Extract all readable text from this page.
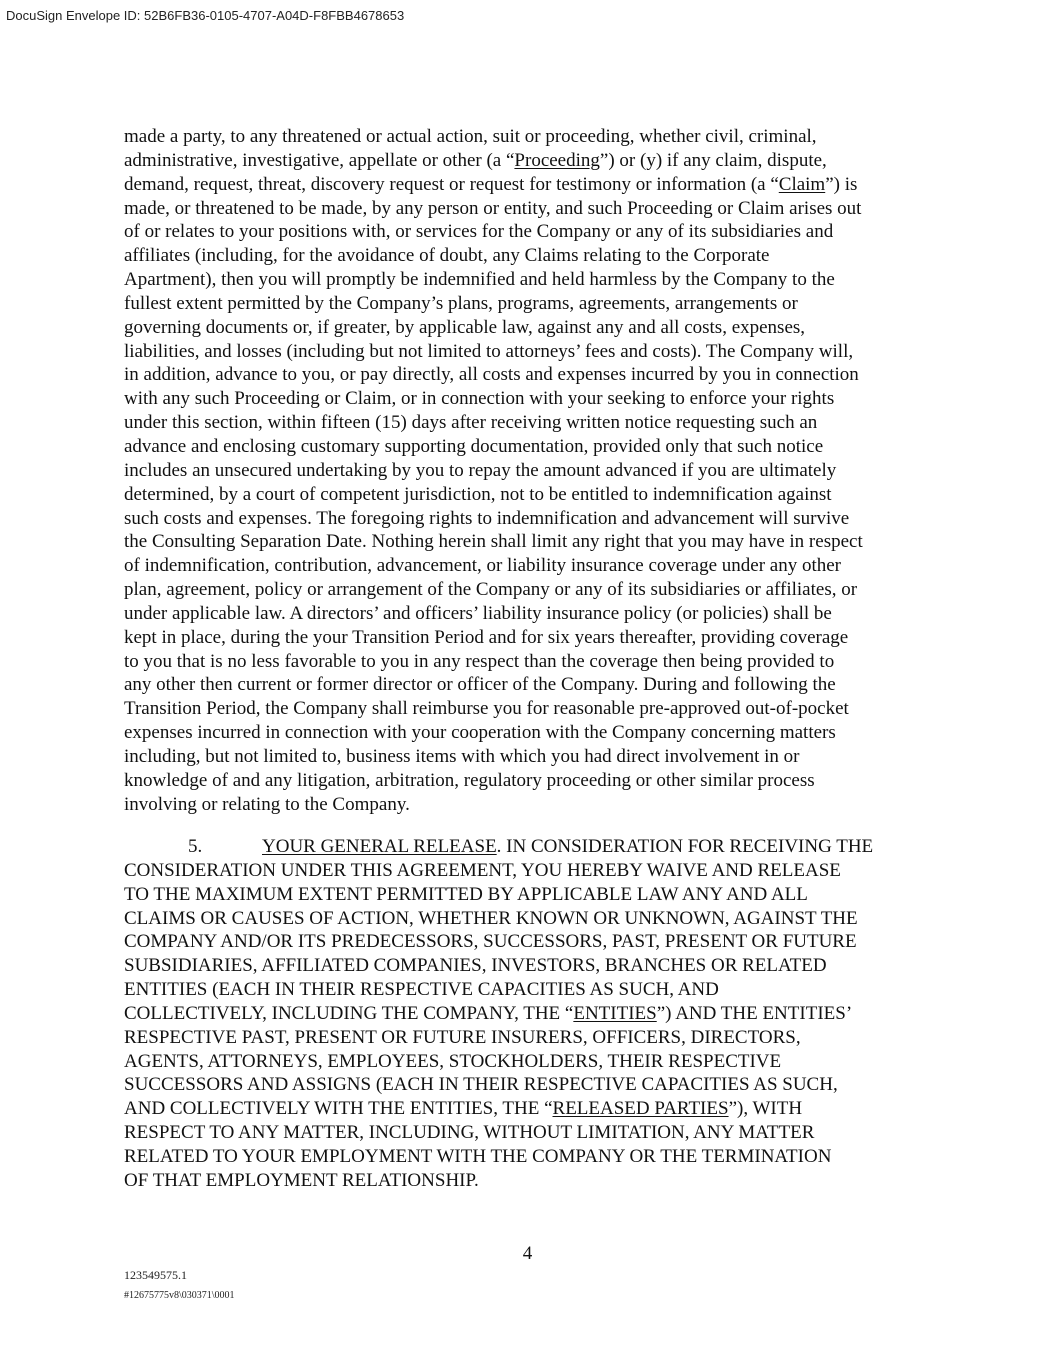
DocuSign Envelope ID: 52B6FB36-0105-4707-A04D-F8FBB4678653

made a party, to any threatened or actual action, suit or proceeding, whether civil, criminal,
administrative, investigative, appellate or other (a “Proceeding”) or (y) if any claim, dispute,
demand, request, threat, discovery request or request for testimony or information (a “Claim”) is
made, or threatened to be made, by any person or entity, and such Proceeding or Claim arises out
of or relates to your positions with, or services for the Company or any of its subsidiaries and
affiliates (including, for the avoidance of doubt, any Claims relating to the Corporate
Apartment), then you will promptly be indemnified and held harmless by the Company to the
fullest extent permitted by the Company’s plans, programs, agreements, arrangements or
governing documents or, if greater, by applicable law, against any and all costs, expenses,
liabilities, and losses (including but not limited to attorneys’ fees and costs). The Company will,
in addition, advance to you, or pay directly, all costs and expenses incurred by you in connection
with any such Proceeding or Claim, or in connection with your seeking to enforce your rights
under this section, within fifteen (15) days after receiving written notice requesting such an
advance and enclosing customary supporting documentation, provided only that such notice
includes an unsecured undertaking by you to repay the amount advanced if you are ultimately
determined, by a court of competent jurisdiction, not to be entitled to indemnification against
such costs and expenses. The foregoing rights to indemnification and advancement will survive
the Consulting Separation Date. Nothing herein shall limit any right that you may have in respect
of indemnification, contribution, advancement, or liability insurance coverage under any other
plan, agreement, policy or arrangement of the Company or any of its subsidiaries or affiliates, or
under applicable law. A directors’ and officers’ liability insurance policy (or policies) shall be
kept in place, during the your Transition Period and for six years thereafter, providing coverage
to you that is no less favorable to you in any respect than the coverage then being provided to
any other then current or former director or officer of the Company. During and following the
Transition Period, the Company shall reimburse you for reasonable pre-approved out-of-pocket
expenses incurred in connection with your cooperation with the Company concerning matters
including, but not limited to, business items with which you had direct involvement in or
knowledge of and any litigation, arbitration, regulatory proceeding or other similar process
involving or relating to the Company.

5.	YOUR GENERAL RELEASE. IN CONSIDERATION FOR RECEIVING THE
CONSIDERATION UNDER THIS AGREEMENT, YOU HEREBY WAIVE AND RELEASE
TO THE MAXIMUM EXTENT PERMITTED BY APPLICABLE LAW ANY AND ALL
CLAIMS OR CAUSES OF ACTION, WHETHER KNOWN OR UNKNOWN, AGAINST THE
COMPANY AND/OR ITS PREDECESSORS, SUCCESSORS, PAST, PRESENT OR FUTURE
SUBSIDIARIES, AFFILIATED COMPANIES, INVESTORS, BRANCHES OR RELATED
ENTITIES (EACH IN THEIR RESPECTIVE CAPACITIES AS SUCH, AND
COLLECTIVELY, INCLUDING THE COMPANY, THE “ENTITIES”) AND THE ENTITIES’
RESPECTIVE PAST, PRESENT OR FUTURE INSURERS, OFFICERS, DIRECTORS,
AGENTS, ATTORNEYS, EMPLOYEES, STOCKHOLDERS, THEIR RESPECTIVE
SUCCESSORS AND ASSIGNS (EACH IN THEIR RESPECTIVE CAPACITIES AS SUCH,
AND COLLECTIVELY WITH THE ENTITIES, THE “RELEASED PARTIES”), WITH
RESPECT TO ANY MATTER, INCLUDING, WITHOUT LIMITATION, ANY MATTER
RELATED TO YOUR EMPLOYMENT WITH THE COMPANY OR THE TERMINATION
OF THAT EMPLOYMENT RELATIONSHIP.

4
123549575.1
#12675775v8\030371\0001
